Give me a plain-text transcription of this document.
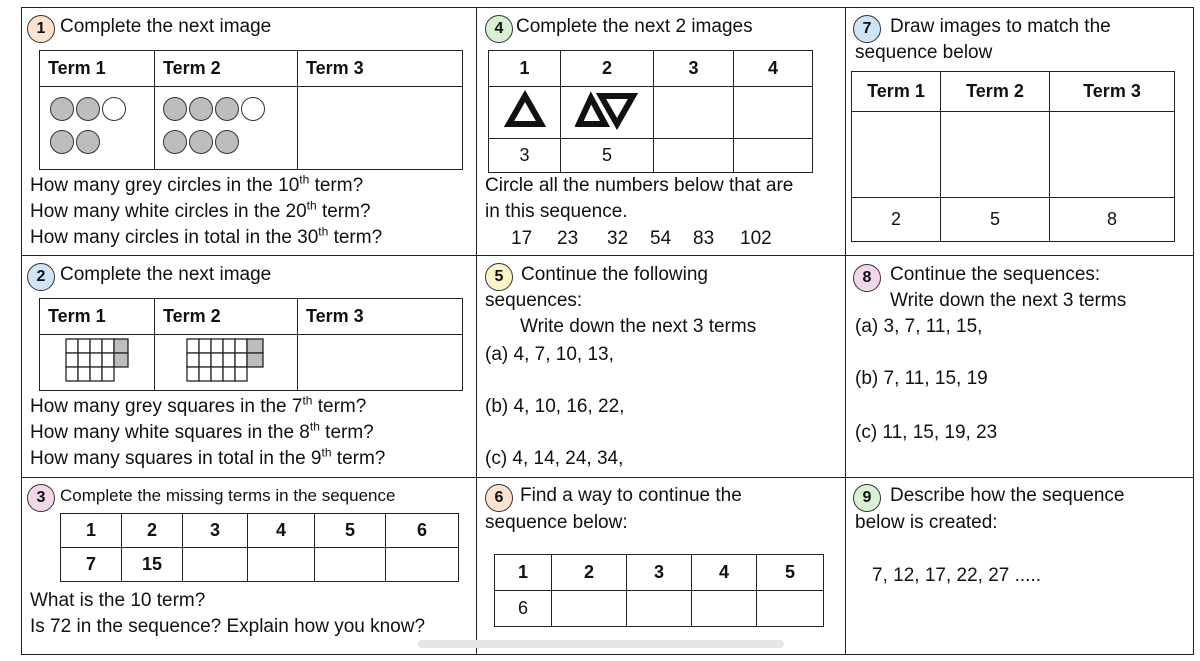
1 Complete the next image
Term 1	Term 2	Term 3

How many grey circles in the 10th term?
How many white circles in the 20th term?
How many circles in total in the 30th term?
2 Complete the next image
Term 1	Term 2	Term 3

How many grey squares in the 7th term?
How many white squares in the 8th term?
How many squares in total in the 9th term?
3 Complete the missing terms in the sequence
1	2	3	4	5	6
7	15				
What is the 10 term?
Is 72 in the sequence? Explain how you know?
4 Complete the next 2 images
1	2	3	4

3	5		
Circle all the numbers below that are
in this sequence.
17 23 32 54 83 102
5 Continue the following
sequences:
Write down the next 3 terms
(a) 4, 7, 10, 13,
(b) 4, 10, 16, 22,
(c) 4, 14, 24, 34,
6 Find a way to continue the
sequence below:
1	2	3	4	5
6				
7 Draw images to match the
sequence below
Term 1	Term 2	Term 3

2	5	8
8 Continue the sequences:
Write down the next 3 terms
(a) 3, 7, 11, 15,
(b) 7, 11, 15, 19
(c) 11, 15, 19, 23
9 Describe how the sequence
below is created:
7, 12, 17, 22, 27 .....
